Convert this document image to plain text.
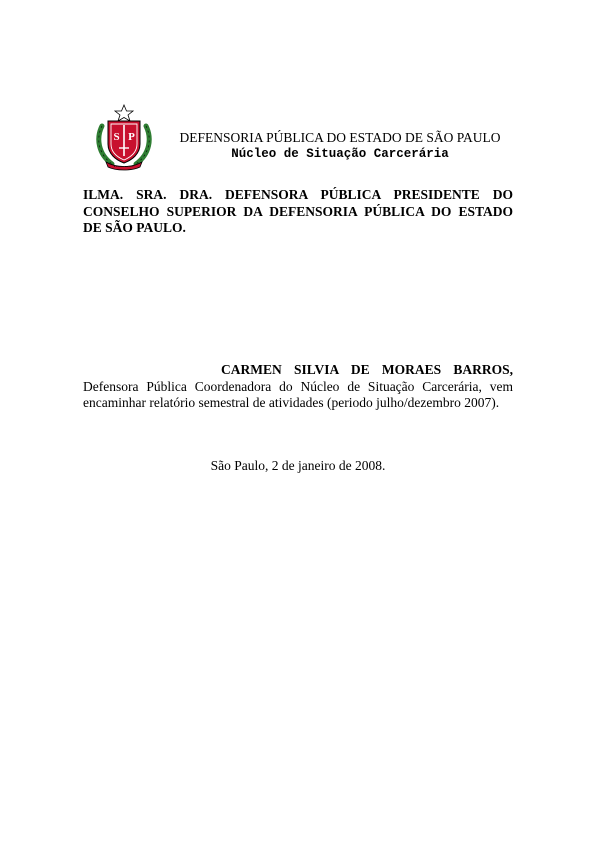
S P	DEFENSORIA PÚBLICA DO ESTADO DE SÃO PAULO
Núcleo de Situação Carcerária
ILMA. SRA. DRA. DEFENSORA PÚBLICA PRESIDENTE DO
CONSELHO SUPERIOR DA DEFENSORIA PÚBLICA DO ESTADO
DE SÃO PAULO.
CARMEN SILVIA DE MORAES BARROS,
Defensora Pública Coordenadora do Núcleo de Situação Carcerária, vem
encaminhar relatório semestral de atividades (periodo julho/dezembro 2007).
São Paulo, 2 de janeiro de 2008.
